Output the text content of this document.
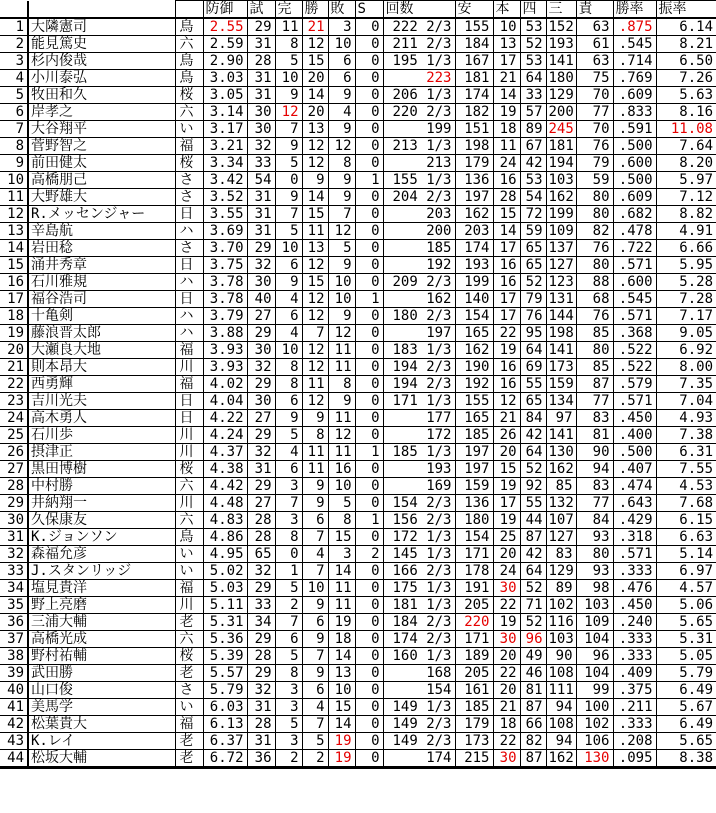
			防御	試	完	勝	敗	S	回数	安	本	四	三	責	勝率	振率
1	大隣憲司	鳥	2.55	29	11	21	3	0	222 2/3	155	10	53	152	63	.875	6.14
2	能見篤史	六	2.59	31	8	12	10	0	211 2/3	184	13	52	193	61	.545	8.21
3	杉内俊哉	鳥	2.90	28	5	15	6	0	195 1/3	167	17	53	141	63	.714	6.50
4	小川泰弘	鳥	3.03	31	10	20	6	0	223	181	21	64	180	75	.769	7.26
5	牧田和久	桜	3.05	31	9	14	9	0	206 1/3	174	14	33	129	70	.609	5.63
6	岸孝之	六	3.14	30	12	20	4	0	220 2/3	182	19	57	200	77	.833	8.16
7	大谷翔平	い	3.17	30	7	13	9	0	199	151	18	89	245	70	.591	11.08
8	菅野智之	福	3.21	32	9	12	12	0	213 1/3	198	11	67	181	76	.500	7.64
9	前田健太	桜	3.34	33	5	12	8	0	213	179	24	42	194	79	.600	8.20
10	高橋朋己	さ	3.42	54	0	9	9	1	155 1/3	136	16	53	103	59	.500	5.97
11	大野雄大	さ	3.52	31	9	14	9	0	204 2/3	197	28	54	162	80	.609	7.12
12	R.メッセンジャー	日	3.55	31	7	15	7	0	203	162	15	72	199	80	.682	8.82
13	辛島航	ハ	3.69	31	5	11	12	0	200	203	14	59	109	82	.478	4.91
14	岩田稔	さ	3.70	29	10	13	5	0	185	174	17	65	137	76	.722	6.66
15	涌井秀章	日	3.75	32	6	12	9	0	192	193	16	65	127	80	.571	5.95
16	石川雅規	ハ	3.78	30	9	15	10	0	209 2/3	199	16	52	123	88	.600	5.28
17	福谷浩司	日	3.78	40	4	12	10	1	162	140	17	79	131	68	.545	7.28
18	十亀剣	ハ	3.79	27	6	12	9	0	180 2/3	154	17	76	144	76	.571	7.17
19	藤浪晋太郎	ハ	3.88	29	4	7	12	0	197	165	22	95	198	85	.368	9.05
20	大瀬良大地	福	3.93	30	10	12	11	0	183 1/3	162	19	64	141	80	.522	6.92
21	則本昂大	川	3.93	32	8	12	11	0	194 2/3	190	16	69	173	85	.522	8.00
22	西勇輝	福	4.02	29	8	11	8	0	194 2/3	192	16	55	159	87	.579	7.35
23	吉川光夫	日	4.04	30	6	12	9	0	171 1/3	155	12	65	134	77	.571	7.04
24	高木勇人	日	4.22	27	9	9	11	0	177	165	21	84	97	83	.450	4.93
25	石川歩	川	4.24	29	5	8	12	0	172	185	26	42	141	81	.400	7.38
26	摂津正	川	4.37	32	4	11	11	1	185 1/3	197	20	64	130	90	.500	6.31
27	黒田博樹	桜	4.38	31	6	11	16	0	193	197	15	52	162	94	.407	7.55
28	中村勝	六	4.42	29	3	9	10	0	169	159	19	92	85	83	.474	4.53
29	井納翔一	川	4.48	27	7	9	5	0	154 2/3	136	17	55	132	77	.643	7.68
30	久保康友	六	4.83	28	3	6	8	1	156 2/3	180	19	44	107	84	.429	6.15
31	K.ジョンソン	鳥	4.86	28	8	7	15	0	172 1/3	154	25	87	127	93	.318	6.63
32	森福允彦	い	4.95	65	0	4	3	2	145 1/3	171	20	42	83	80	.571	5.14
33	J.スタンリッジ	い	5.02	32	1	7	14	0	166 2/3	178	24	64	129	93	.333	6.97
34	塩見貴洋	福	5.03	29	5	10	11	0	175 1/3	191	30	52	89	98	.476	4.57
35	野上亮磨	川	5.11	33	2	9	11	0	181 1/3	205	22	71	102	103	.450	5.06
36	三浦大輔	老	5.31	34	7	6	19	0	184 2/3	220	19	52	116	109	.240	5.65
37	高橋光成	六	5.36	29	6	9	18	0	174 2/3	171	30	96	103	104	.333	5.31
38	野村祐輔	桜	5.39	28	5	7	14	0	160 1/3	189	20	49	90	96	.333	5.05
39	武田勝	老	5.57	29	8	9	13	0	168	205	22	46	108	104	.409	5.79
40	山口俊	さ	5.79	32	3	6	10	0	154	161	20	81	111	99	.375	6.49
41	美馬学	い	6.03	31	3	4	15	0	149 1/3	185	21	87	94	100	.211	5.67
42	松葉貴大	福	6.13	28	5	7	14	0	149 2/3	179	18	66	108	102	.333	6.49
43	K.レイ	老	6.37	31	3	5	19	0	149 2/3	173	22	82	94	106	.208	5.65
44	松坂大輔	老	6.72	36	2	2	19	0	174	215	30	87	162	130	.095	8.38
